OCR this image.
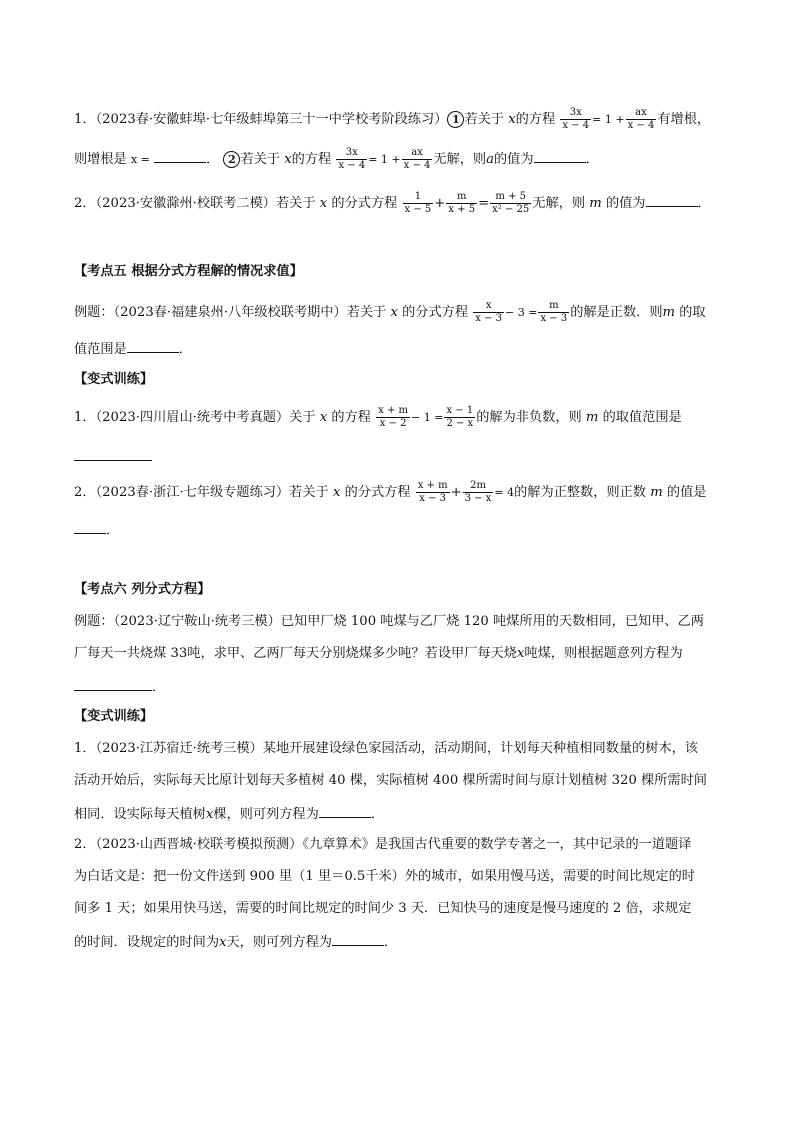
1．（2023春·安徽蚌埠·七年级蚌埠第三十一中学校考阶段练习） 1 若关于 x的方程 $\frac{3x}{x - 4} = 1 + \frac{ax}{x - 4}$ 有增根，
则增根是 x =	． 2 若关于 x的方程 $\frac{3x}{x - 4} = 1 + \frac{ax}{x - 4}$ 无解，则a的值为	．
2．（2023·安徽滁州·校联考二模）若关于 x 的分式方程 $\frac{1}{x - 5} + \frac{m}{x + 5} = \frac{m + 5}{\text{x² − 25}}$ 无解，则 m 的值为	．
【考点五 根据分式方程解的情况求值】
例题：（2023春·福建泉州·八年级校联考期中）若关于 x 的分式方程 $\frac{x}{x - 3} - 3 = \frac{m}{x - 3}$ 的解是正数．则m 的取
值范围是	．
【变式训练】
1．（2023·四川眉山·统考中考真题）关于 x 的方程 $\frac{x + m}{x - 2} - 1 = \frac{x - 1}{2 - x}$ 的解为非负数，则 m 的取值范围是
2．（2023春·浙江·七年级专题练习）若关于 x 的分式方程 $\frac{x + m}{x - 3} + \frac{2m}{3 - x} = 4$的解为正整数，则正数 m 的值是
．
【考点六 列分式方程】
例题：（2023·辽宁鞍山·统考三模）已知甲厂烧 100 吨煤与乙厂烧 120 吨煤所用的天数相同，已知甲、乙两
厂每天一共烧煤 33吨，求甲、乙两厂每天分别烧煤多少吨？若设甲厂每天烧x吨煤，则根据题意列方程为
．
【变式训练】
1．（2023·江苏宿迁·统考三模）某地开展建设绿色家园活动，活动期间，计划每天种植相同数量的树木，该
活动开始后，实际每天比原计划每天多植树 40 棵，实际植树 400 棵所需时间与原计划植树 320 棵所需时间
相同．设实际每天植树x棵，则可列方程为	．
2．（2023·山西晋城·校联考模拟预测）《九章算术》是我国古代重要的数学专著之一，其中记录的一道题译
为白话文是：把一份文件送到 900 里（1 里＝0.5千米）外的城市，如果用慢马送，需要的时间比规定的时
间多 1 天；如果用快马送，需要的时间比规定的时间少 3 天．已知快马的速度是慢马速度的 2 倍，求规定
的时间．设规定的时间为x天，则可列方程为	．
